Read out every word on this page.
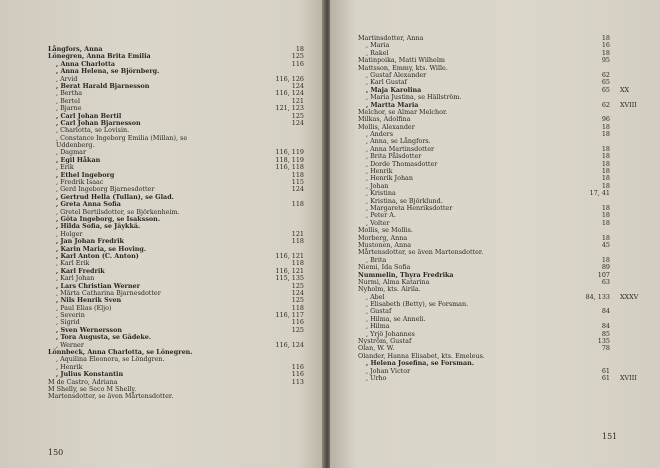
Långfors, Anna	18
Lönegren, Anna Brita Emilia	125
, Anna Charlotta	116
, Anna Helena, se Björnberg.
, Arvid	116, 126
, Berat Harald Bjarnesson	124
, Bertha	116, 124
, Bertel	121
, Bjarne	121, 123
, Carl Johan Bertil	125
, Carl Johan Bjarnesson	124
, Charlotta, se Lovisin.
, Constance Ingeborg Emilia (Millan), se
Uddenberg.
, Dagmar	116, 119
, Egil Håkan	118, 119
, Erik	116, 118
, Ethel Ingeborg	118
, Fredrik Isaac	115
, Gerd Ingeborg Bjarnesdotter	124
, Gertrud Hella (Tullan), se Glad.
, Greta Anna Sofia	118
, Gretel Bertilsdotter, se Björkenheim.
, Göta Ingeborg, se Isaksson.
, Hilda Sofia, se Jäykkä.
, Holger	121
, Jan Johan Fredrik	118
, Karin Maria, se Hoving.
, Karl Anton (C. Anton)	116, 121
, Karl Erik	118
, Karl Fredrik	116, 121
, Karl Johan	115, 135
, Lars Christian Werner	125
, Märta Catharina Bjarnesdotter	124
, Nils Henrik Sven	125
, Paul Elias (Eljo)	118
, Severin	116, 117
, Sigrid	116
, Sven Wernersson	125
, Tora Augusta, se Gädeke.
, Werner	116, 124
Lönnbeck, Anna Charlotta, se Lönegren.
, Aquilina Eleonora, se Löndgren.
, Henrik	116
, Julius Konstantin	116
M de Castro, Adriana	113
M Shelly, se Seco M Shelly.
Martensdotter, se även Mårtensdotter.
150
Martinsdotter, Anna	18
, Maria	16
, Rakel	18
Matinpoika, Matti Wilhelm	95
Mattsson, Emmy, kts. Wille.
, Gustaf Alexander	62
, Karl Gustaf	65
, Maja Karolina	65 XX
, Maria Justina, se Hällström.
, Martta Maria	62 XVIII
Melchor, se Almar Melchor.
Milkas, Adolfina	96
Mollis, Alexander	18
, Anders	18
, Anna, se Långfors.
, Anna Martinsdotter	18
, Brita Pålsdotter	18
, Dorde Thomasdotter	18
, Henrik	18
, Henrik Johan	18
, Johan	18
, Kristina	17, 41
, Kristina, se Björklund.
, Margareta Henriksdotter	18
, Peter A.	18
, Volter	18
Mollis, se Mollis.
Morberg, Anna	18
Mustonen, Anna	45
Mårtensdotter, se även Martensdotter.
, Brita	18
Niemi, Ida Sofia	89
Nummelin, Thyra Fredrika	107
Nurmi, Alma Katarina	63
Nyholm, kts. Airila.
, Abel	84, 133 XXXV
, Elisabeth (Betty), se Forsman.
, Gustaf	84
, Hilma, se Anneli.
, Hilma	84
, Yrjö Johannes	85
Nyström, Gustaf	135
Olan, W. W.	78
Olander, Hanna Elisabet, kts. Emeleus.
, Helena Josefina, se Forsman.
, Johan Victor	61
, Urho	61 XVIII
151
